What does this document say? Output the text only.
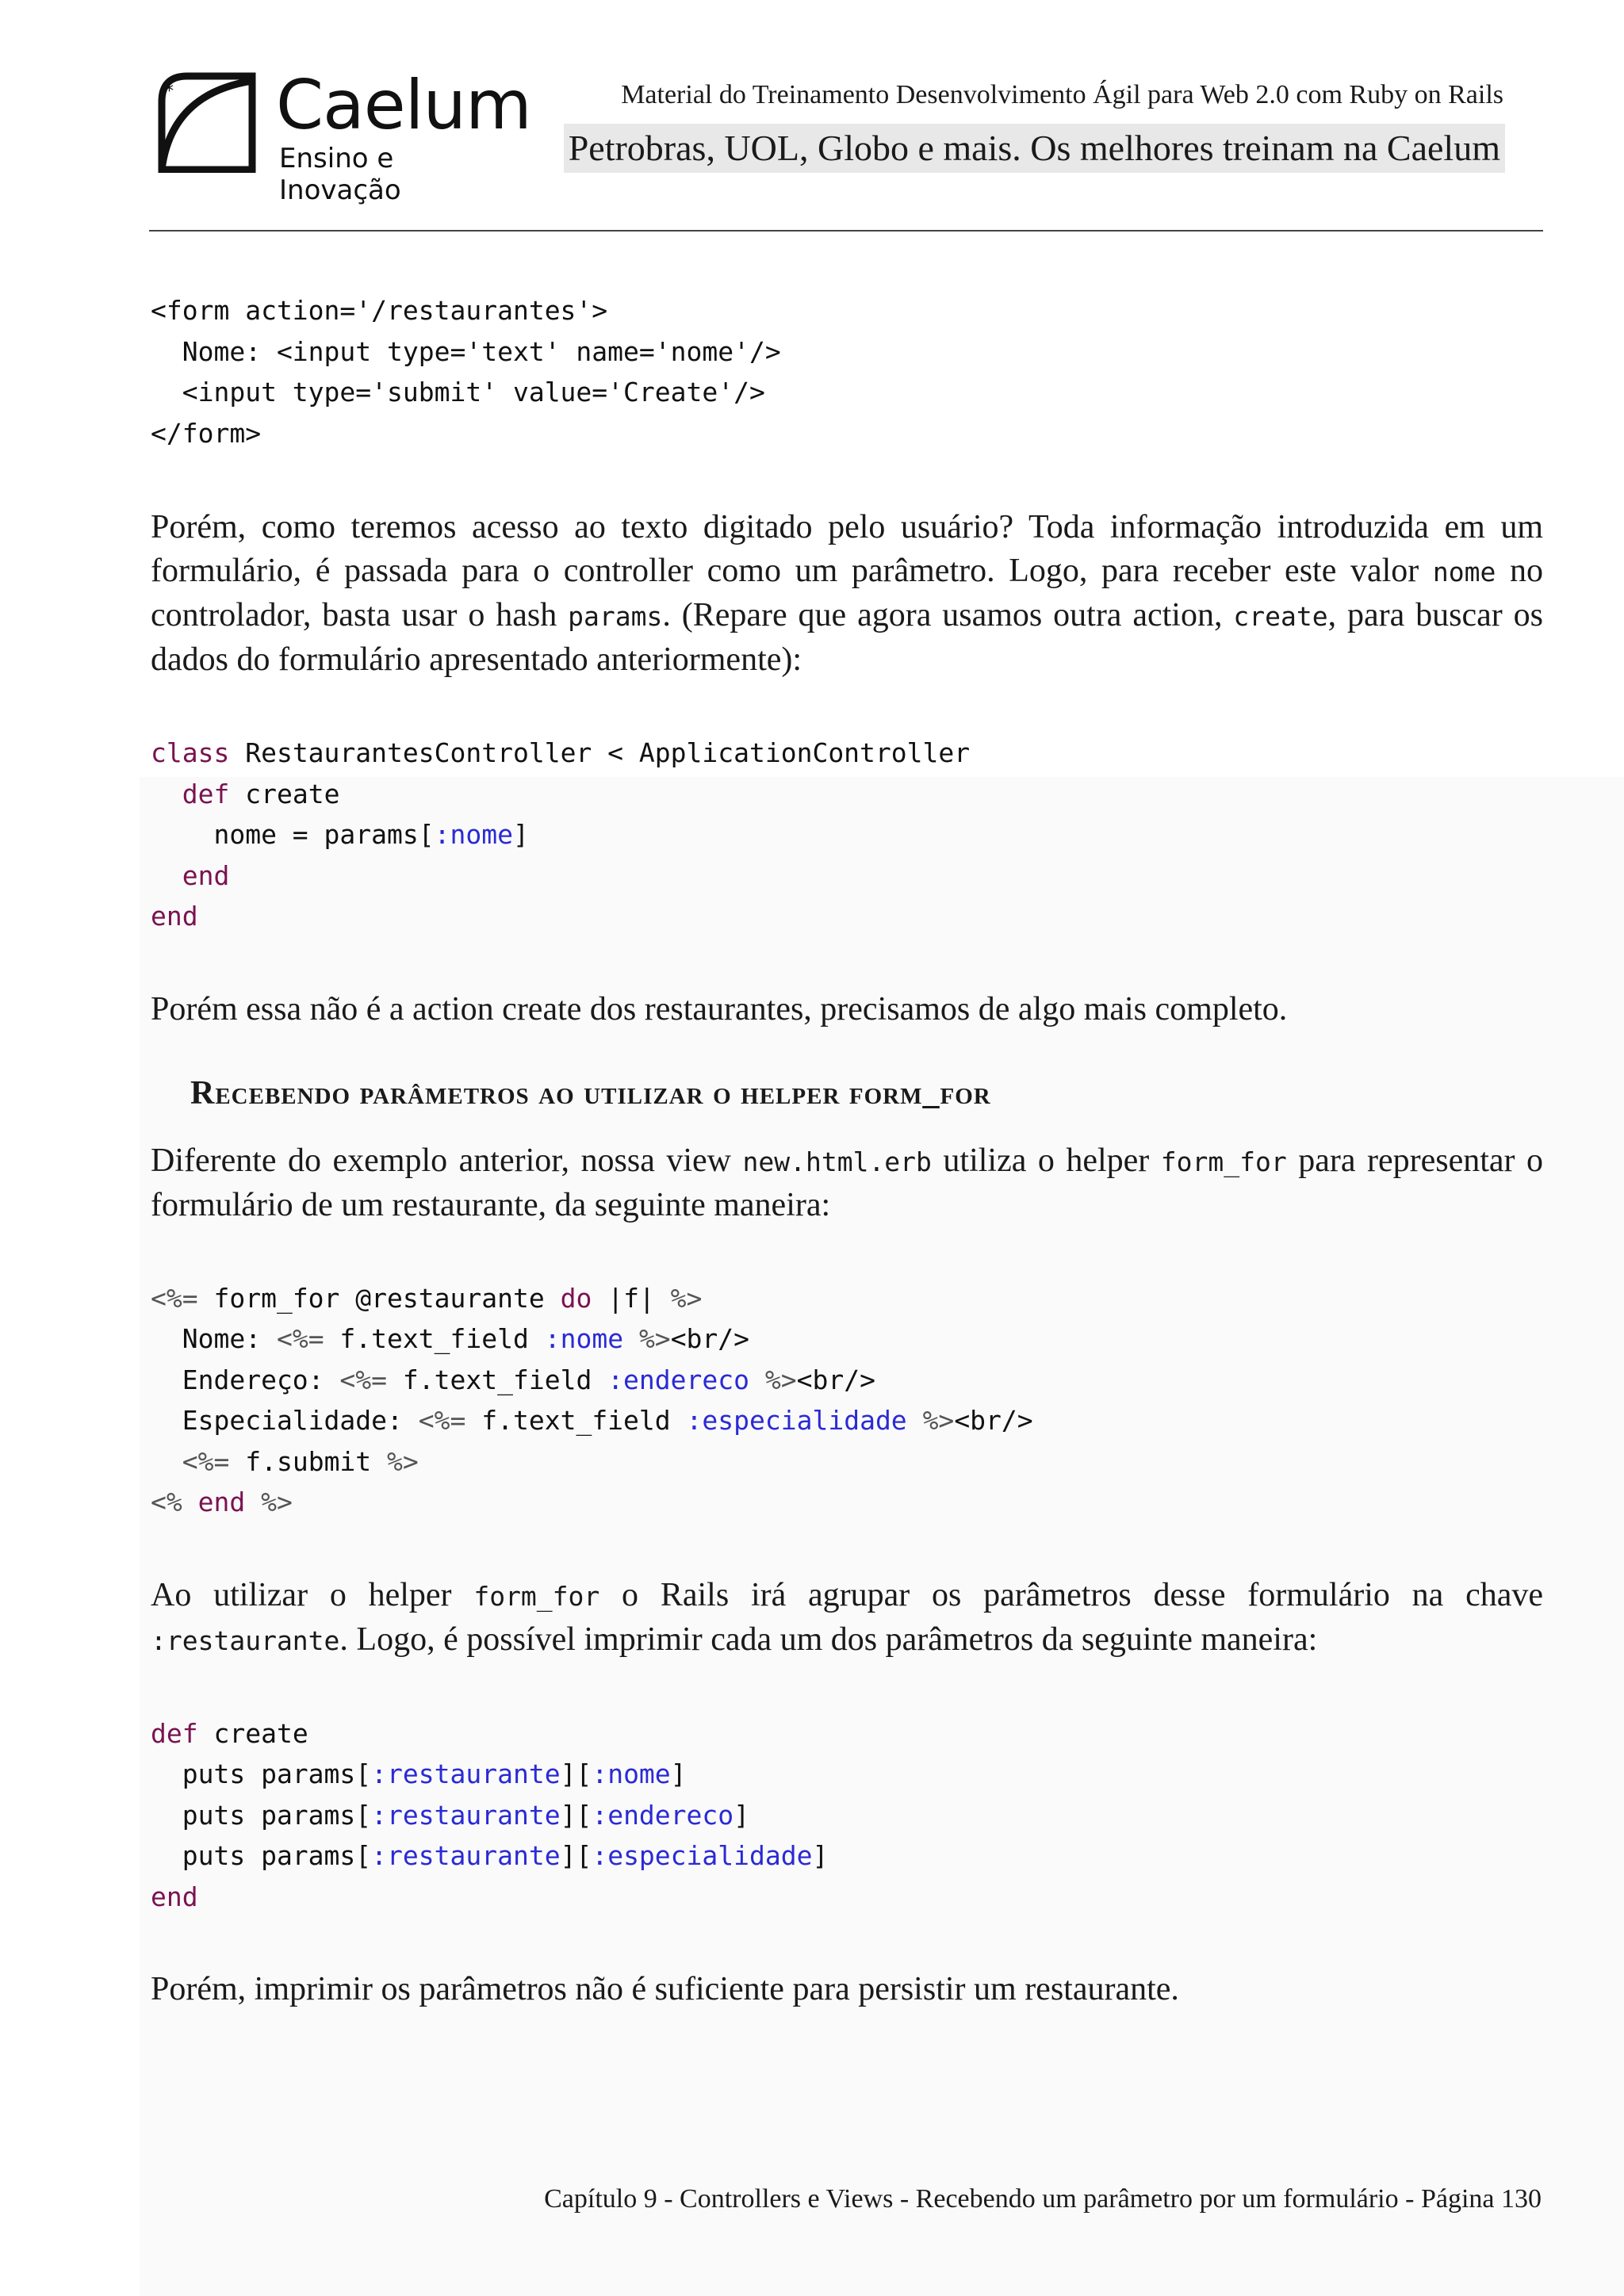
* Caelum
Ensino e Inovação
Material do Treinamento Desenvolvimento Ágil para Web 2.0 com Ruby on Rails
Petrobras, UOL, Globo e mais. Os melhores treinam na Caelum
<form action='/restaurantes'>
Nome: <input type='text' name='nome'/>
<input type='submit' value='Create'/>
</form>

Porém, como teremos acesso ao texto digitado pelo usuário? Toda informação introduzida em um formulário, é passada para o controller como um parâmetro. Logo, para receber este valor nome no controlador, basta usar o hash params. (Repare que agora usamos outra action, create, para buscar os dados do formulário apresentado anteriormente):

class RestaurantesController < ApplicationController
def create
nome = params[:nome]
end
end

Porém essa não é a action create dos restaurantes, precisamos de algo mais completo.

Recebendo parâmetros ao utilizar o helper form_for

Diferente do exemplo anterior, nossa view new.html.erb utiliza o helper form_for para representar o formulário de um restaurante, da seguinte maneira:

<%= form_for @restaurante do |f| %>
Nome: <%= f.text_field :nome %><br/>
Endereço: <%= f.text_field :endereco %><br/>
Especialidade: <%= f.text_field :especialidade %><br/>
<%= f.submit %>
<% end %>

Ao utilizar o helper form_for o Rails irá agrupar os parâmetros desse formulário na chave :restaurante. Logo, é possível imprimir cada um dos parâmetros da seguinte maneira:

def create
puts params[:restaurante][:nome]
puts params[:restaurante][:endereco]
puts params[:restaurante][:especialidade]
end

Porém, imprimir os parâmetros não é suficiente para persistir um restaurante.

Capítulo 9 - Controllers e Views - Recebendo um parâmetro por um formulário - Página 130
